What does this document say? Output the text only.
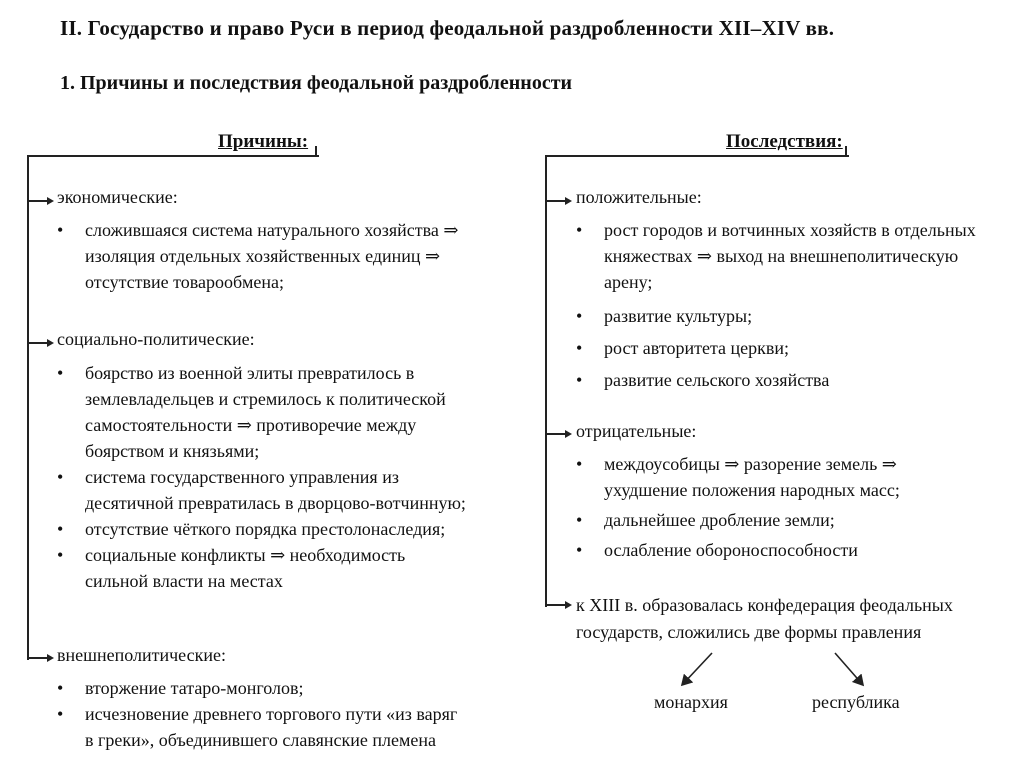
II. Государство и право Руси в период феодальной раздробленности XII–XIV вв.
1. Причины и последствия феодальной раздробленности
Причины:
экономические:
• сложившаяся система натурального хозяйства ⇒
изоляция отдельных хозяйственных единиц ⇒
отсутствие товарообмена;
социально-политические:
• боярство из военной элиты превратилось в
землевладельцев и стремилось к политической
самостоятельности ⇒ противоречие между
боярством и князьями;
• система государственного управления из
десятичной превратилась в дворцово-вотчинную;
• отсутствие чёткого порядка престолонаследия;
• социальные конфликты ⇒ необходимость
сильной власти на местах
внешнеполитические:
• вторжение татаро-монголов;
• исчезновение древнего торгового пути «из варяг
в греки», объединившего славянские племена
Последствия:
положительные:
• рост городов и вотчинных хозяйств в отдельных
княжествах ⇒ выход на внешнеполитическую
арену;
• развитие культуры;
• рост авторитета церкви;
• развитие сельского хозяйства
отрицательные:
• междоусобицы ⇒ разорение земель ⇒
ухудшение положения народных масс;
• дальнейшее дробление земли;
• ослабление обороноспособности
к XIII в. образовалась конфедерация феодальных
государств, сложились две формы правления
монархия	республика
